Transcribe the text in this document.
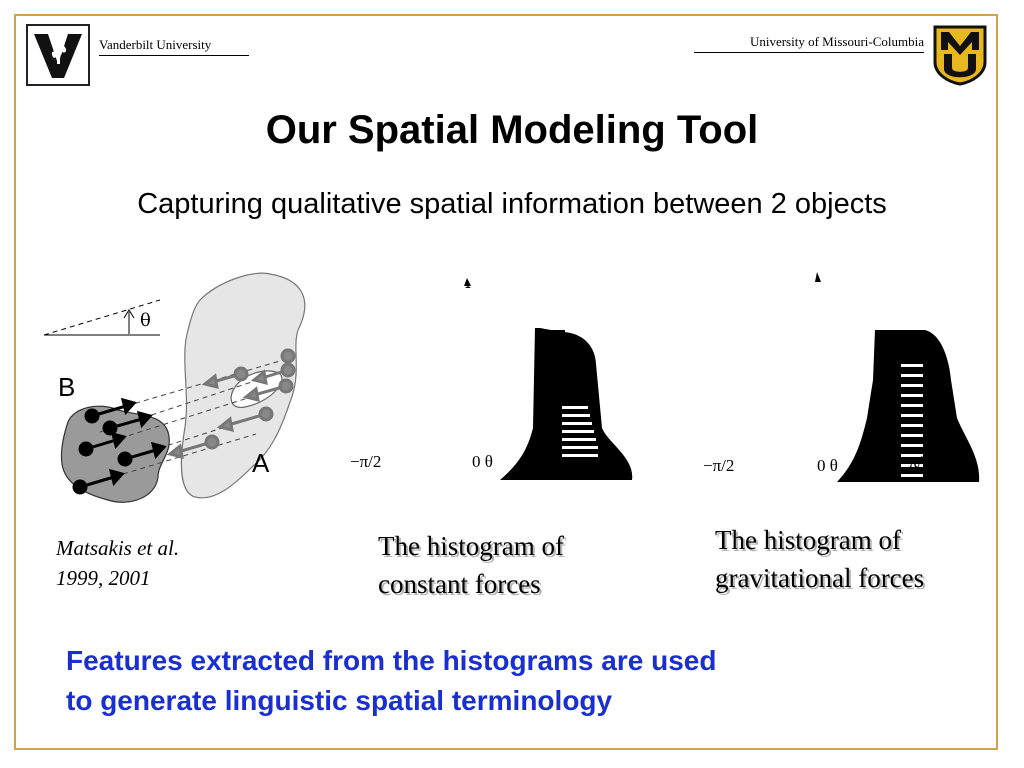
Vanderbilt University	University of Missouri-Columbia
Our Spatial Modeling Tool
Capturing qualitative spatial information between 2 objects
θ
B
A	−π/2	0 θ	π/2	−π/2	0 θ	π/2
Matsakis et al.
1999, 2001
The histogram of
constant forces
The histogram of
gravitational forces
Features extracted from the histograms are used
to generate linguistic spatial terminology
